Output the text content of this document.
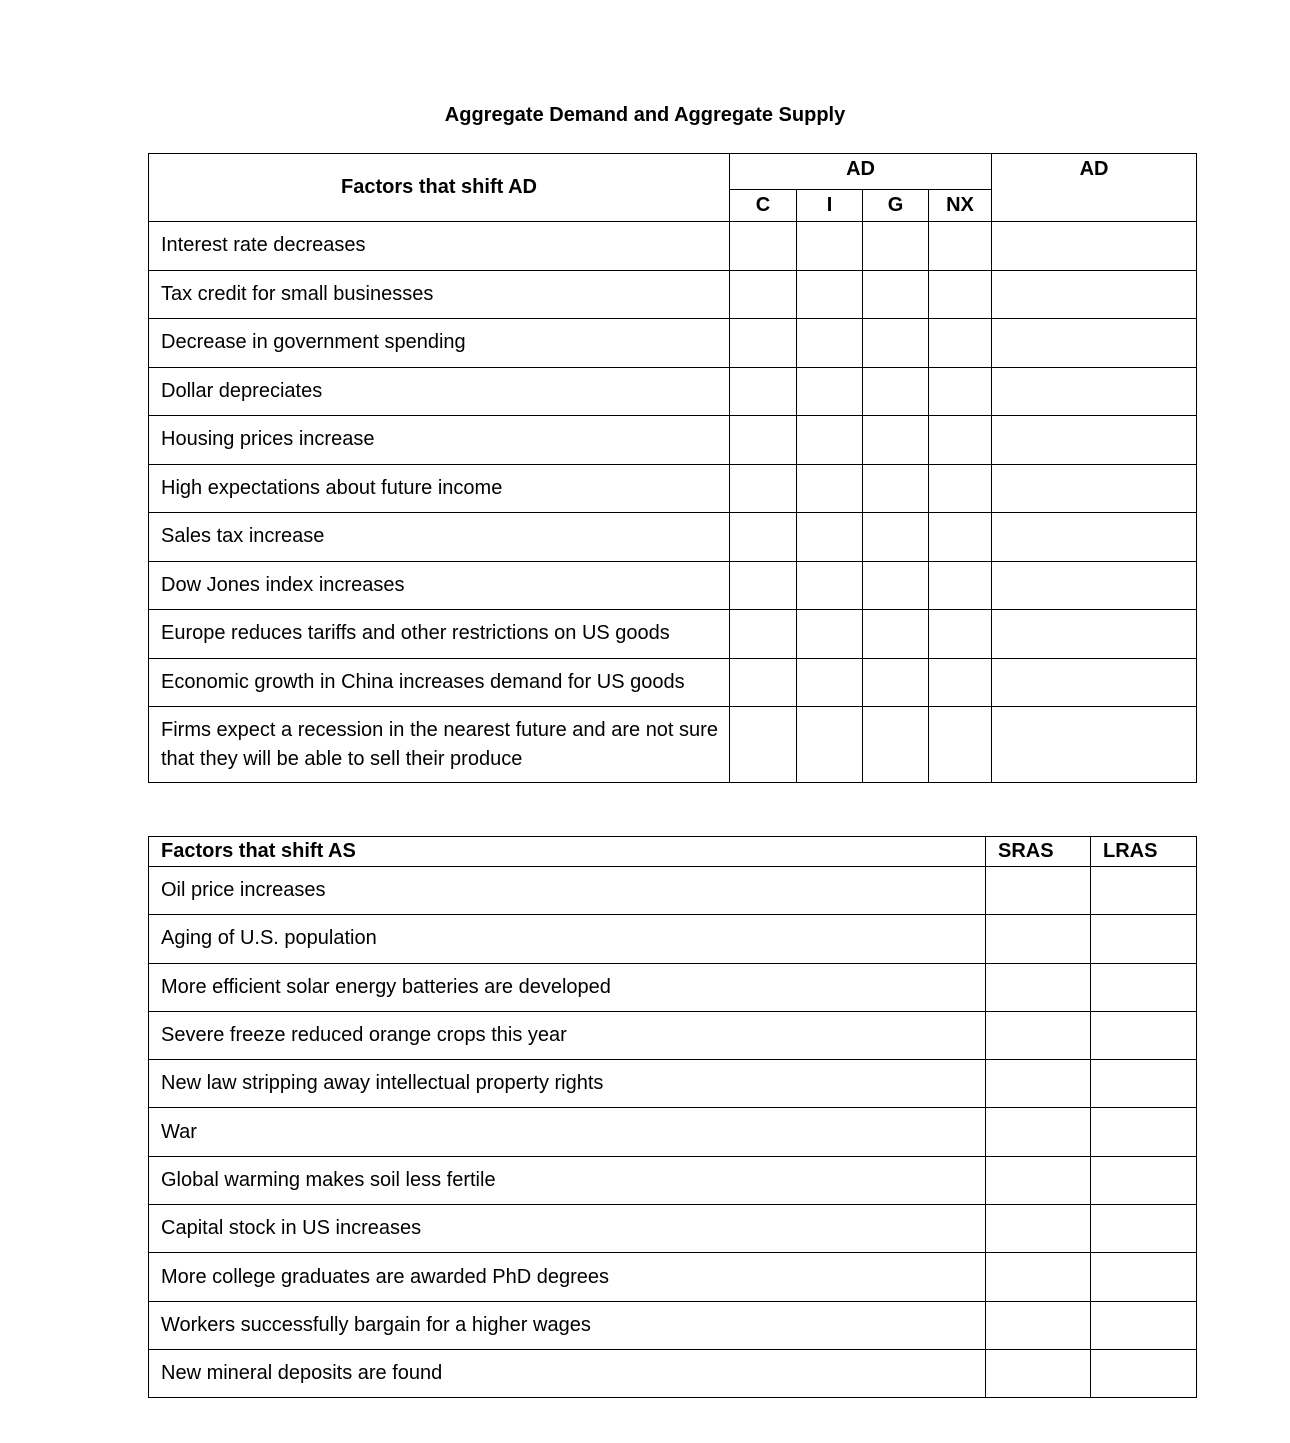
Aggregate Demand and Aggregate Supply
Factors that shift AD	AD				AD
	C	I	G	NX	
Interest rate decreases					
Tax credit for small businesses					
Decrease in government spending					
Dollar depreciates					
Housing prices increase					
High expectations about future income					
Sales tax increase					
Dow Jones index increases					
Europe reduces tariffs and other restrictions on US goods					
Economic growth in China increases demand for US goods					
Firms expect a recession in the nearest future and are not sure that they will be able to sell their produce					
Factors that shift AS	SRAS	LRAS
Oil price increases		
Aging of U.S. population		
More efficient solar energy batteries are developed		
Severe freeze reduced orange crops this year		
New law stripping away intellectual property rights		
War		
Global warming makes soil less fertile		
Capital stock in US increases		
More college graduates are awarded PhD degrees		
Workers successfully bargain for a higher wages		
New mineral deposits are found		
